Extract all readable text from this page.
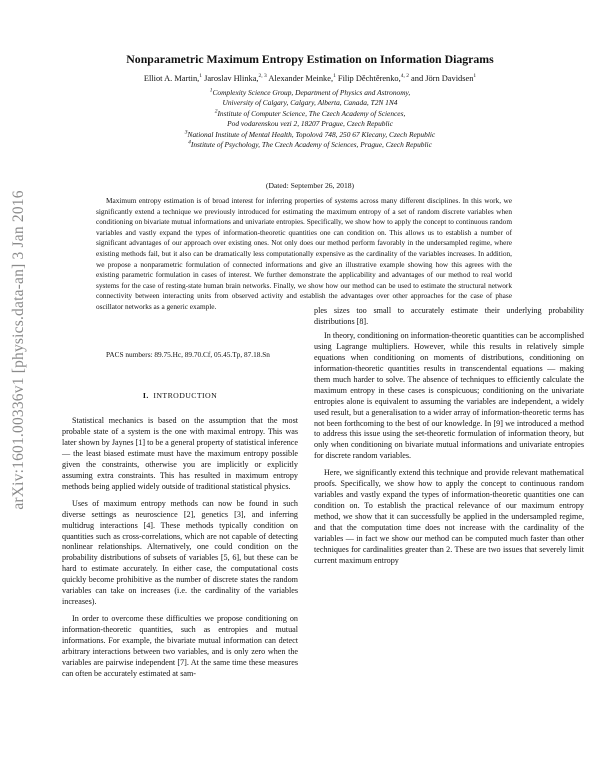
arXiv:1601.00336v1 [physics.data-an] 3 Jan 2016
Nonparametric Maximum Entropy Estimation on Information Diagrams
Elliot A. Martin,$^1$ Jaroslav Hlinka,$^{2, 3}$ Alexander Meinke,$^1$ Filip Děchtěrenko,$^{4, 2}$ and Jörn Davidsen$^1$
$^1$Complexity Science Group, Department of Physics and Astronomy,
University of Calgary, Calgary, Alberta, Canada, T2N 1N4
$^2$Institute of Computer Science, The Czech Academy of Sciences,
Pod vodarenskou vezi 2, 18207 Prague, Czech Republic
$^3$National Institute of Mental Health, Topolová 748, 250 67 Klecany, Czech Republic
$^4$Institute of Psychology, The Czech Academy of Sciences, Prague, Czech Republic
(Dated: September 26, 2018)

Maximum entropy estimation is of broad interest for inferring properties of systems across many different disciplines. In this work, we significantly extend a technique we previously introduced for estimating the maximum entropy of a set of random discrete variables when conditioning on bivariate mutual informations and univariate entropies. Specifically, we show how to apply the concept to continuous random variables and vastly expand the types of information-theoretic quantities one can condition on. This allows us to establish a number of significant advantages of our approach over existing ones. Not only does our method perform favorably in the undersampled regime, where existing methods fail, but it also can be dramatically less computationally expensive as the cardinality of the variables increases. In addition, we propose a nonparametric formulation of connected informations and give an illustrative example showing how this agrees with the existing parametric formulation in cases of interest. We further demonstrate the applicability and advantages of our method to real world systems for the case of resting-state human brain networks. Finally, we show how our method can be used to estimate the structural network connectivity between interacting units from observed activity and establish the advantages over other approaches for the case of phase oscillator networks as a generic example.

PACS numbers: 89.75.Hc, 89.70.Cf, 05.45.Tp, 87.18.Sn
I. INTRODUCTION

Statistical mechanics is based on the assumption that the most probable state of a system is the one with maximal entropy. This was later shown by Jaynes [1] to be a general property of statistical inference — the least biased estimate must have the maximum entropy possible given the constraints, otherwise you are implicitly or explicitly assuming extra constraints. This has resulted in maximum entropy methods being applied widely outside of traditional statistical physics.

Uses of maximum entropy methods can now be found in such diverse settings as neuroscience [2], genetics [3], and inferring multidrug interactions [4]. These methods typically condition on quantities such as cross-correlations, which are not capable of detecting nonlinear relationships. Alternatively, one could condition on the probability distributions of subsets of variables [5, 6], but these can be hard to estimate accurately. In either case, the computational costs quickly become prohibitive as the number of discrete states the random variables can take on increases (i.e. the cardinality of the variables increases).

In order to overcome these difficulties we propose conditioning on information-theoretic quantities, such as entropies and mutual informations. For example, the bivariate mutual information can detect arbitrary interactions between two variables, and is only zero when the variables are pairwise independent [7]. At the same time these measures can often be accurately estimated at sam-

ples sizes too small to accurately estimate their underlying probability distributions [8].

In theory, conditioning on information-theoretic quantities can be accomplished using Lagrange multipliers. However, while this results in relatively simple equations when conditioning on moments of distributions, conditioning on information-theoretic quantities results in transcendental equations — making them much harder to solve. The absence of techniques to efficiently calculate the maximum entropy in these cases is conspicuous; conditioning on the univariate entropies alone is equivalent to assuming the variables are independent, a widely used result, but a generalisation to a wider array of information-theoretic terms has not been forthcoming to the best of our knowledge. In [9] we introduced a method to address this issue using the set-theoretic formulation of information theory, but only when conditioning on bivariate mutual informations and univariate entropies for discrete random variables.

Here, we significantly extend this technique and provide relevant mathematical proofs. Specifically, we show how to apply the concept to continuous random variables and vastly expand the types of information-theoretic quantities one can condition on. To establish the practical relevance of our maximum entropy method, we show that it can successfully be applied in the undersampled regime, and that the computation time does not increase with the cardinality of the variables — in fact we show our method can be computed much faster than other techniques for cardinalities greater than 2. These are two issues that severely limit current maximum entropy
